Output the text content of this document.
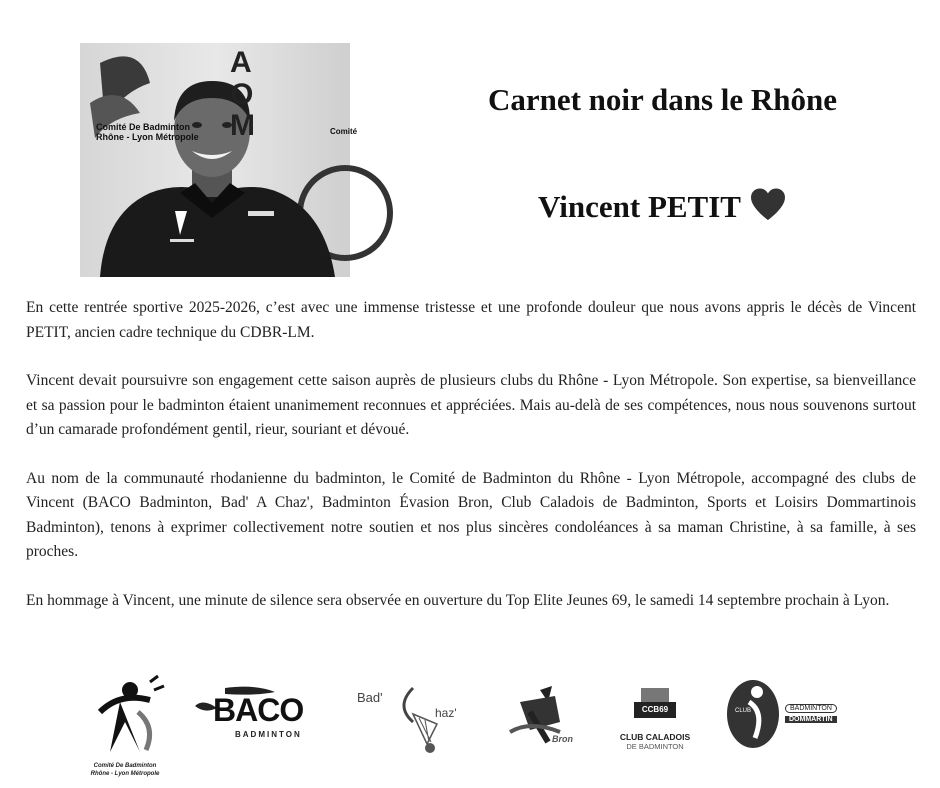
A
O
M
Comité De Badminton
Rhône - Lyon Métropole
Comité
Carnet noir dans le Rhône
Vincent PETIT

En cette rentrée sportive 2025-2026, c’est avec une immense tristesse et une profonde douleur que nous avons appris le décès de Vincent PETIT, ancien cadre technique du CDBR-LM.

Vincent devait poursuivre son engagement cette saison auprès de plusieurs clubs du Rhône - Lyon Métropole. Son expertise, sa bienveillance et sa passion pour le badminton étaient unanimement reconnues et appréciées. Mais au-delà de ses compétences, nous nous souvenons surtout d’un camarade profondément gentil, rieur, souriant et dévoué.

Au nom de la communauté rhodanienne du badminton, le Comité de Badminton du Rhône - Lyon Métropole, accompagné des clubs de Vincent (BACO Badminton, Bad' A Chaz', Badminton Évasion Bron, Club Caladois de Badminton, Sports et Loisirs Dommartinois Badminton), tenons à exprimer collectivement notre soutien et nos plus sincères condoléances à sa maman Christine, à sa famille, à ses proches.

En hommage à Vincent, une minute de silence sera observée en ouverture du Top Elite Jeunes 69, le samedi 14 septembre prochain à Lyon.

Comité De Badminton
Rhône - Lyon Métropole
BACO
BADMINTON
Bad'
haz'
Bron
CCB69
CLUB CALADOIS
DE BADMINTON
CLUB	BADMINTON
DOMMARTIN
